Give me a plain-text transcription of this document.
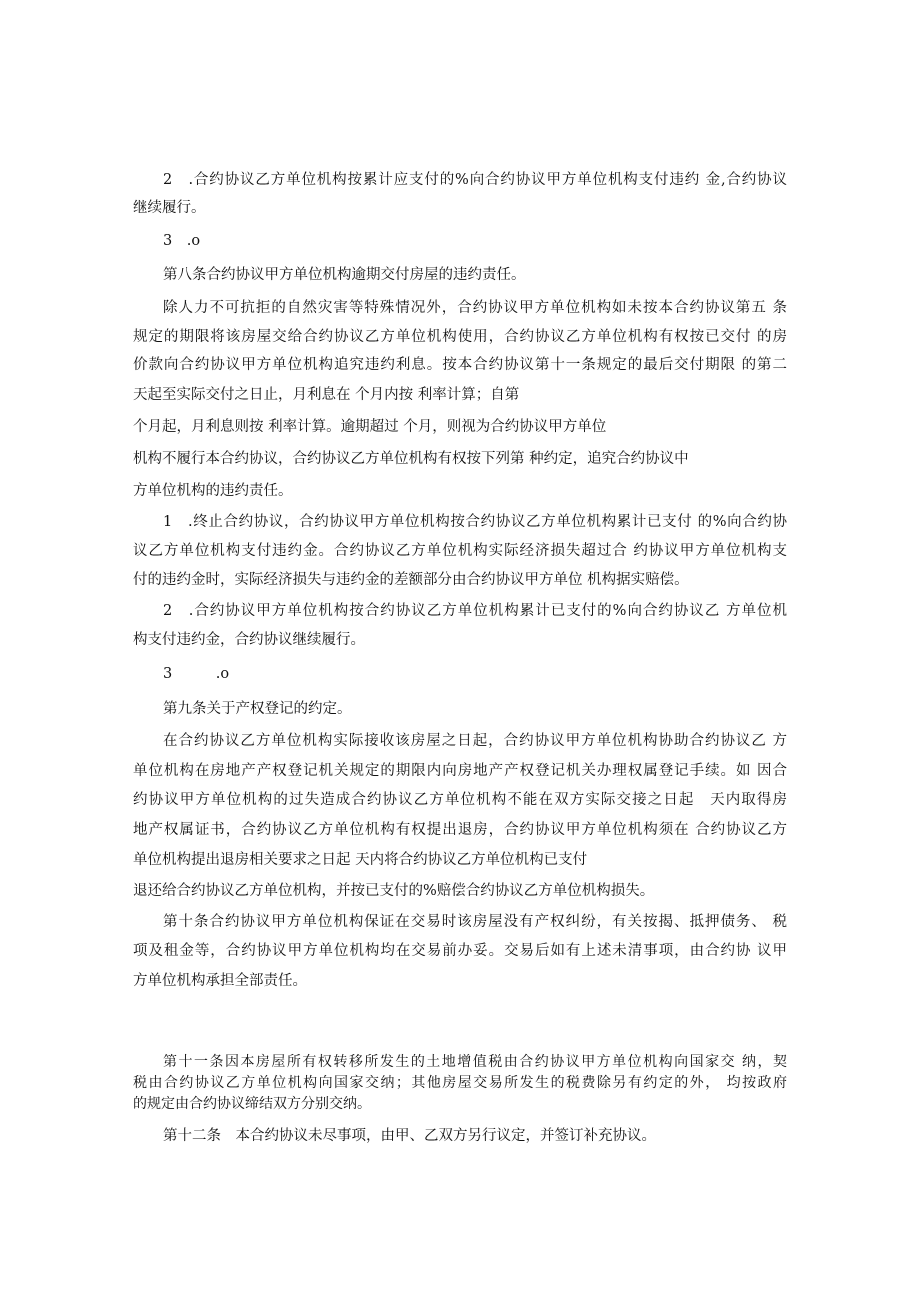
2　.合约协议乙方单位机构按累计应支付的%向合约协议甲方单位机构支付违约 金,合约协议
继续履行。
3　.o
第八条合约协议甲方单位机构逾期交付房屋的违约责任。
除人力不可抗拒的自然灾害等特殊情况外，合约协议甲方单位机构如未按本合约协议第五 条
规定的期限将该房屋交给合约协议乙方单位机构使用，合约协议乙方单位机构有权按已交付 的房
价款向合约协议甲方单位机构追究违约利息。按本合约协议第十一条规定的最后交付期限 的第二
天起至实际交付之日止，月利息在 个月内按 利率计算；自第
个月起，月利息则按 利率计算。逾期超过 个月，则视为合约协议甲方单位
机构不履行本合约协议，合约协议乙方单位机构有权按下列第 种约定，追究合约协议中
方单位机构的违约责任。
1　.终止合约协议，合约协议甲方单位机构按合约协议乙方单位机构累计已支付 的%向合约协
议乙方单位机构支付违约金。合约协议乙方单位机构实际经济损失超过合 约协议甲方单位机构支
付的违约金时，实际经济损失与违约金的差额部分由合约协议甲方单位 机构据实赔偿。
2　.合约协议甲方单位机构按合约协议乙方单位机构累计已支付的%向合约协议乙 方单位机
构支付违约金，合约协议继续履行。
3　　　.o
第九条关于产权登记的约定。
在合约协议乙方单位机构实际接收该房屋之日起，合约协议甲方单位机构协助合约协议乙 方
单位机构在房地产产权登记机关规定的期限内向房地产产权登记机关办理权属登记手续。如 因合
约协议甲方单位机构的过失造成合约协议乙方单位机构不能在双方实际交接之日起　天内取得房
地产权属证书，合约协议乙方单位机构有权提出退房，合约协议甲方单位机构须在 合约协议乙方
单位机构提出退房相关要求之日起 天内将合约协议乙方单位机构已支付
退还给合约协议乙方单位机构，并按已支付的%赔偿合约协议乙方单位机构损失。
第十条合约协议甲方单位机构保证在交易时该房屋没有产权纠纷，有关按揭、抵押债务、 税
项及租金等，合约协议甲方单位机构均在交易前办妥。交易后如有上述未清事项，由合约协 议甲
方单位机构承担全部责任。
第十一条因本房屋所有权转移所发生的土地增值税由合约协议甲方单位机构向国家交 纳，契
税由合约协议乙方单位机构向国家交纳；其他房屋交易所发生的税费除另有约定的外， 均按政府
的规定由合约协议缔结双方分别交纳。
第十二条　本合约协议未尽事项，由甲、乙双方另行议定，并签订补充协议。
